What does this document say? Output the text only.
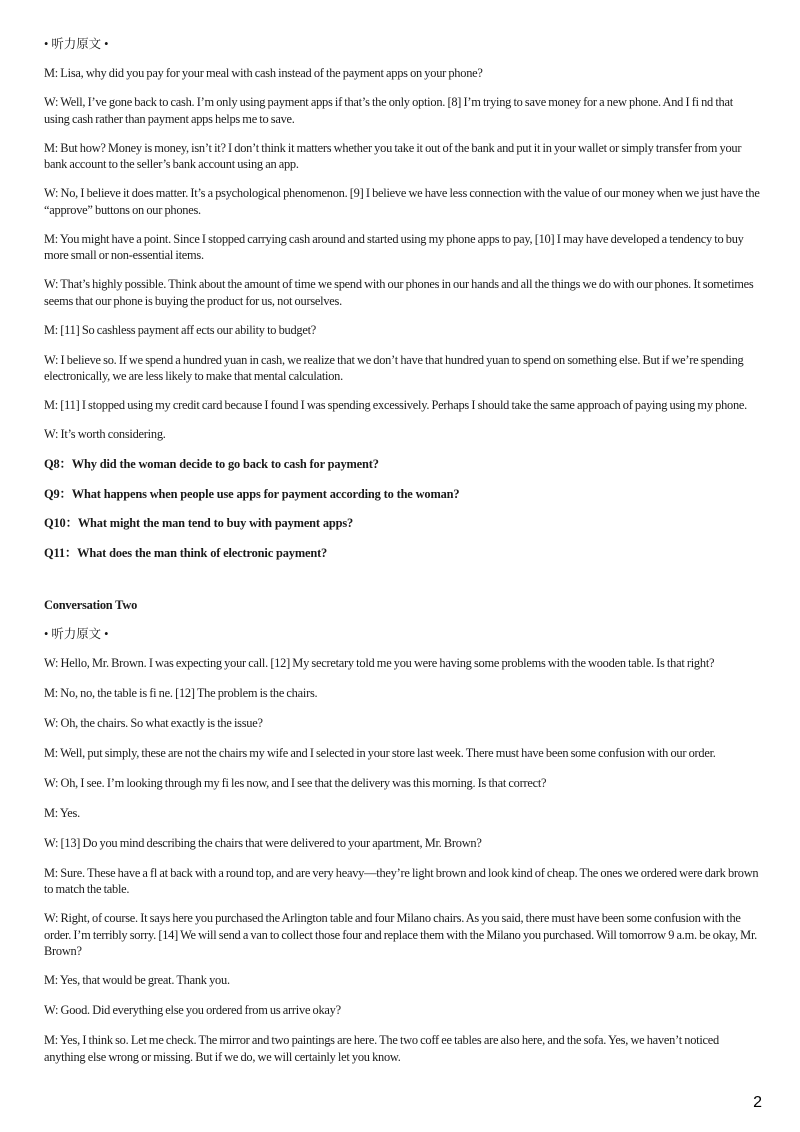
• 听力原文 •

M: Lisa, why did you pay for your meal with cash instead of the payment apps on your phone?

W: Well, I’ve gone back to cash. I’m only using payment apps if that’s the only option. [8] I’m trying to save money for a new phone. And I fi nd that using cash rather than payment apps helps me to save.

M: But how? Money is money, isn’t it? I don’t think it matters whether you take it out of the bank and put it in your wallet or simply transfer from your bank account to the seller’s bank account using an app.

W: No, I believe it does matter. It’s a psychological phenomenon. [9] I believe we have less connection with the value of our money when we just have the “approve” buttons on our phones.

M: You might have a point. Since I stopped carrying cash around and started using my phone apps to pay, [10] I may have developed a tendency to buy more small or non-essential items.

W: That’s highly possible. Think about the amount of time we spend with our phones in our hands and all the things we do with our phones. It sometimes seems that our phone is buying the product for us, not ourselves.

M: [11] So cashless payment aff ects our ability to budget?

W: I believe so. If we spend a hundred yuan in cash, we realize that we don’t have that hundred yuan to spend on something else. But if we’re spending electronically, we are less likely to make that mental calculation.

M: [11] I stopped using my credit card because I found I was spending excessively. Perhaps I should take the same approach of paying using my phone.

W: It’s worth considering.

Q8：Why did the woman decide to go back to cash for payment?

Q9：What happens when people use apps for payment according to the woman?

Q10：What might the man tend to buy with payment apps?

Q11：What does the man think of electronic payment?

Conversation Two
• 听力原文 •

W: Hello, Mr. Brown. I was expecting your call. [12] My secretary told me you were having some problems with the wooden table. Is that right?

M: No, no, the table is fi ne. [12] The problem is the chairs.

W: Oh, the chairs. So what exactly is the issue?

M: Well, put simply, these are not the chairs my wife and I selected in your store last week. There must have been some confusion with our order.

W: Oh, I see. I’m looking through my fi les now, and I see that the delivery was this morning. Is that correct?

M: Yes.

W: [13] Do you mind describing the chairs that were delivered to your apartment, Mr. Brown?

M: Sure. These have a fl at back with a round top, and are very heavy—they’re light brown and look kind of cheap. The ones we ordered were dark brown to match the table.

W: Right, of course. It says here you purchased the Arlington table and four Milano chairs. As you said, there must have been some confusion with the order. I’m terribly sorry. [14] We will send a van to collect those four and replace them with the Milano you purchased. Will tomorrow 9 a.m. be okay, Mr. Brown?

M: Yes, that would be great. Thank you.

W: Good. Did everything else you ordered from us arrive okay?

M: Yes, I think so. Let me check. The mirror and two paintings are here. The two coff ee tables are also here, and the sofa. Yes, we haven’t noticed anything else wrong or missing. But if we do, we will certainly let you know.

2
